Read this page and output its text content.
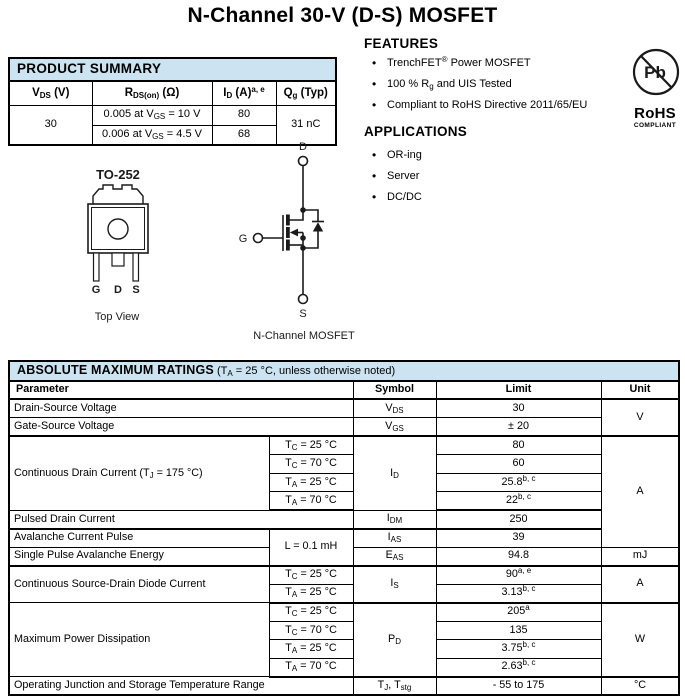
N-Channel 30-V (D-S) MOSFET
PRODUCT SUMMARY			
$V_{DS}$ (V)	$R_{DS(on)}$ (Ω)	$I_D$ $(A)^{a, e}$	$Q_g$ (Typ)
30	0.005 at $V_{GS} = 10$ V	80	31 nC
	0.006 at $V_{GS} = 4.5$ V	68	
FEATURES
• TrenchFET® Power MOSFET
• 100 % $R_g$ and UIS Tested
• Compliant to RoHS Directive 2011/65/EU
APPLICATIONS
• OR-ing
• Server
• DC/DC
Pb
RoHS
COMPLIANT
TO-252
G D S
Top View
D
G
S
N-Channel MOSFET
ABSOLUTE MAXIMUM RATINGS ($T_A = 25$ °C, unless otherwise noted)					
Parameter		Symbol	Limit	Unit	
Drain-Source Voltage		$V_{DS}$	30	V	
Gate-Source Voltage		$V_{GS}$	± 20		
Continuous Drain Current ($T_J = 175$ °C)	$T_C = 25$ °C	$I_D$	80	A	
	$T_C = 70$ °C		60		
	$T_A = 25$ °C		25.8$^{b, c}$
	$T_A = 70$ °C		22$^{b, c}$
Pulsed Drain Current		$I_{DM}$	250		
Avalanche Current Pulse	L = 0.1 mH	$I_{AS}$	39		
Single Pulse Avalanche Energy		$E_{AS}$	94.8	mJ	
Continuous Source-Drain Diode Current	$T_C = 25$ °C	$I_S$	90$^{a, e}$	A	
	$T_A = 25$ °C		3.13$^{b, c}$
Maximum Power Dissipation	$T_C = 25$ °C	$P_D$	205$^a$	W	
	$T_C = 70$ °C		135		
	$T_A = 25$ °C		3.75$^{b, c}$
	$T_A = 70$ °C		2.63$^{b, c}$
Operating Junction and Storage Temperature Range		$T_J$, $T_{stg}$	- 55 to 175	°C	
